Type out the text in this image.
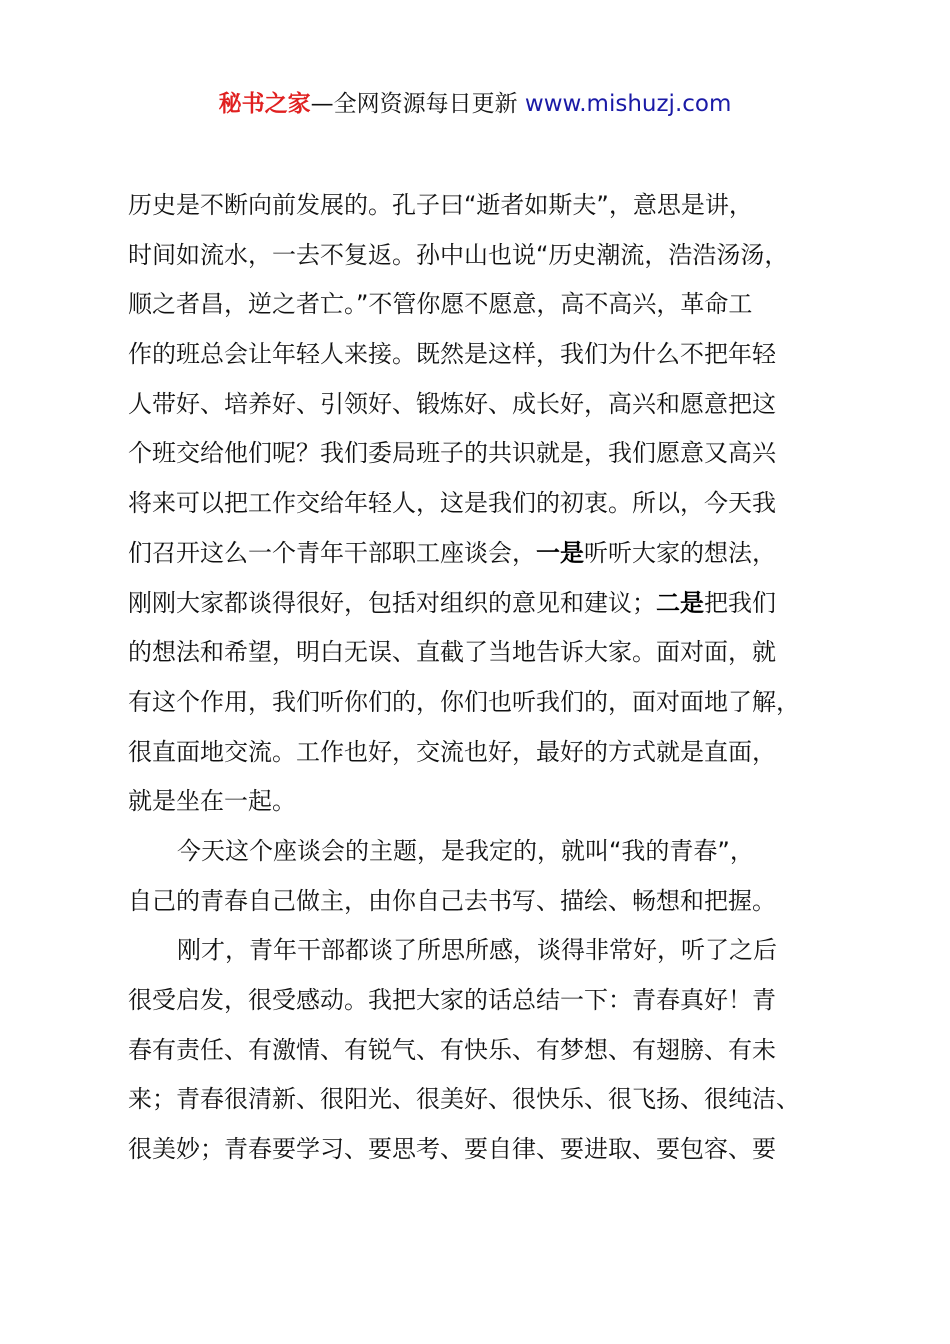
秘书之家—全网资源每日更新 www.mishuzj.com
历史是不断向前发展的。孔子曰“逝者如斯夫”，意思是讲，
时间如流水，一去不复返。孙中山也说“历史潮流，浩浩汤汤，
顺之者昌，逆之者亡。”不管你愿不愿意，高不高兴，革命工
作的班总会让年轻人来接。既然是这样，我们为什么不把年轻
人带好、培养好、引领好、锻炼好、成长好，高兴和愿意把这
个班交给他们呢？我们委局班子的共识就是，我们愿意又高兴
将来可以把工作交给年轻人，这是我们的初衷。所以，今天我
们召开这么一个青年干部职工座谈会，一是听听大家的想法，
刚刚大家都谈得很好，包括对组织的意见和建议；二是把我们
的想法和希望，明白无误、直截了当地告诉大家。面对面，就
有这个作用，我们听你们的，你们也听我们的，面对面地了解，
很直面地交流。工作也好，交流也好，最好的方式就是直面，
就是坐在一起。
今天这个座谈会的主题，是我定的，就叫“我的青春”，
自己的青春自己做主，由你自己去书写、描绘、畅想和把握。
刚才，青年干部都谈了所思所感，谈得非常好，听了之后
很受启发，很受感动。我把大家的话总结一下：青春真好！青
春有责任、有激情、有锐气、有快乐、有梦想、有翅膀、有未
来；青春很清新、很阳光、很美好、很快乐、很飞扬、很纯洁、
很美妙；青春要学习、要思考、要自律、要进取、要包容、要
